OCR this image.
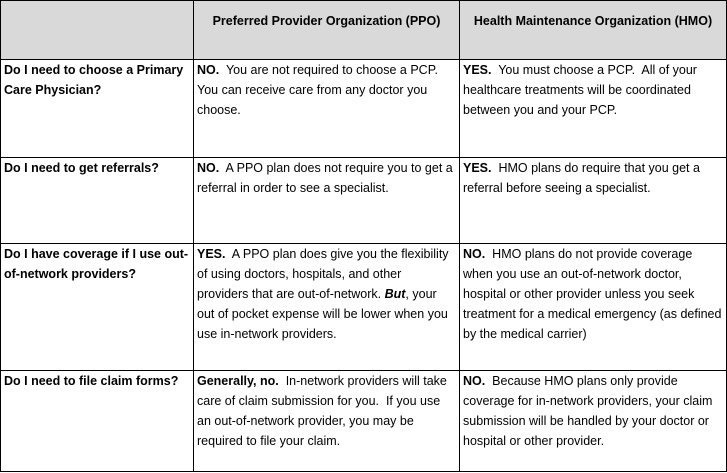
	Preferred Provider Organization (PPO)	Health Maintenance Organization (HMO)
Do I need to choose a Primary Care Physician?	NO.  You are not required to choose a PCP. You can receive care from any doctor you choose.	YES.  You must choose a PCP.  All of your healthcare treatments will be coordinated between you and your PCP.
Do I need to get referrals?	NO.  A PPO plan does not require you to get a referral in order to see a specialist.	YES.  HMO plans do require that you get a referral before seeing a specialist.
Do I have coverage if I use out-of-network providers?	YES.  A PPO plan does give you the flexibility of using doctors, hospitals, and other providers that are out-of-network. But, your out of pocket expense will be lower when you use in-network providers.	NO.  HMO plans do not provide coverage when you use an out-of-network doctor, hospital or other provider unless you seek treatment for a medical emergency (as defined by the medical carrier)
Do I need to file claim forms?	Generally, no.  In-network providers will take care of claim submission for you.  If you use an out-of-network provider, you may be required to file your claim.	NO.  Because HMO plans only provide coverage for in-network providers, your claim submission will be handled by your doctor or hospital or other provider.
